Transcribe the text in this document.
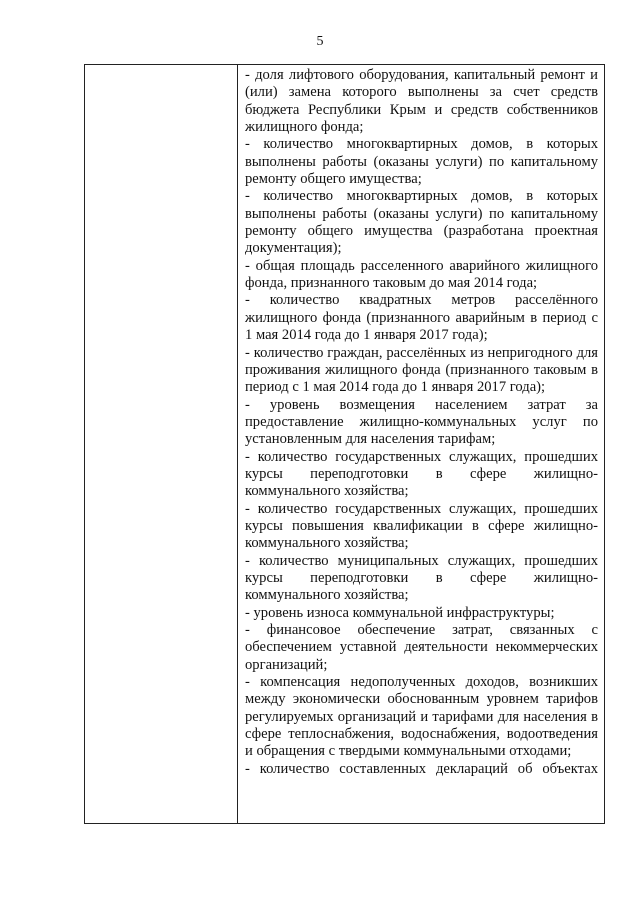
5

- доля лифтового оборудования, капитальный ремонт и (или) замена которого выполнены за счет средств бюджета Республики Крым и средств собственников жилищного фонда;

- количество многоквартирных домов, в которых выполнены работы (оказаны услуги) по капитальному ремонту общего имущества;

- количество многоквартирных домов, в которых выполнены работы (оказаны услуги) по капитальному ремонту общего имущества (разработана проектная документация);

- общая площадь расселенного аварийного жилищного фонда, признанного таковым до мая 2014 года;

- количество квадратных метров расселённого жилищного фонда (признанного аварийным в период с 1 мая 2014 года до 1 января 2017 года);

- количество граждан, расселённых из непригодного для проживания жилищного фонда (признанного таковым в период с 1 мая 2014 года до 1 января 2017 года);

- уровень возмещения населением затрат за предоставление жилищно-коммунальных услуг по установленным для населения тарифам;

- количество государственных служащих, прошедших курсы переподготовки в сфере жилищно-коммунального хозяйства;

- количество государственных служащих, прошедших курсы повышения квалификации в сфере жилищно-коммунального хозяйства;

- количество муниципальных служащих, прошедших курсы переподготовки в сфере жилищно-коммунального хозяйства;

- уровень износа коммунальной инфраструктуры;

- финансовое обеспечение затрат, связанных с обеспечением уставной деятельности некоммерческих организаций;

- компенсация недополученных доходов, возникших между экономически обоснованным уровнем тарифов регулируемых организаций и тарифами для населения в сфере теплоснабжения, водоснабжения, водоотведения и обращения с твердыми коммунальными отходами;

- количество составленных деклараций об объектах
